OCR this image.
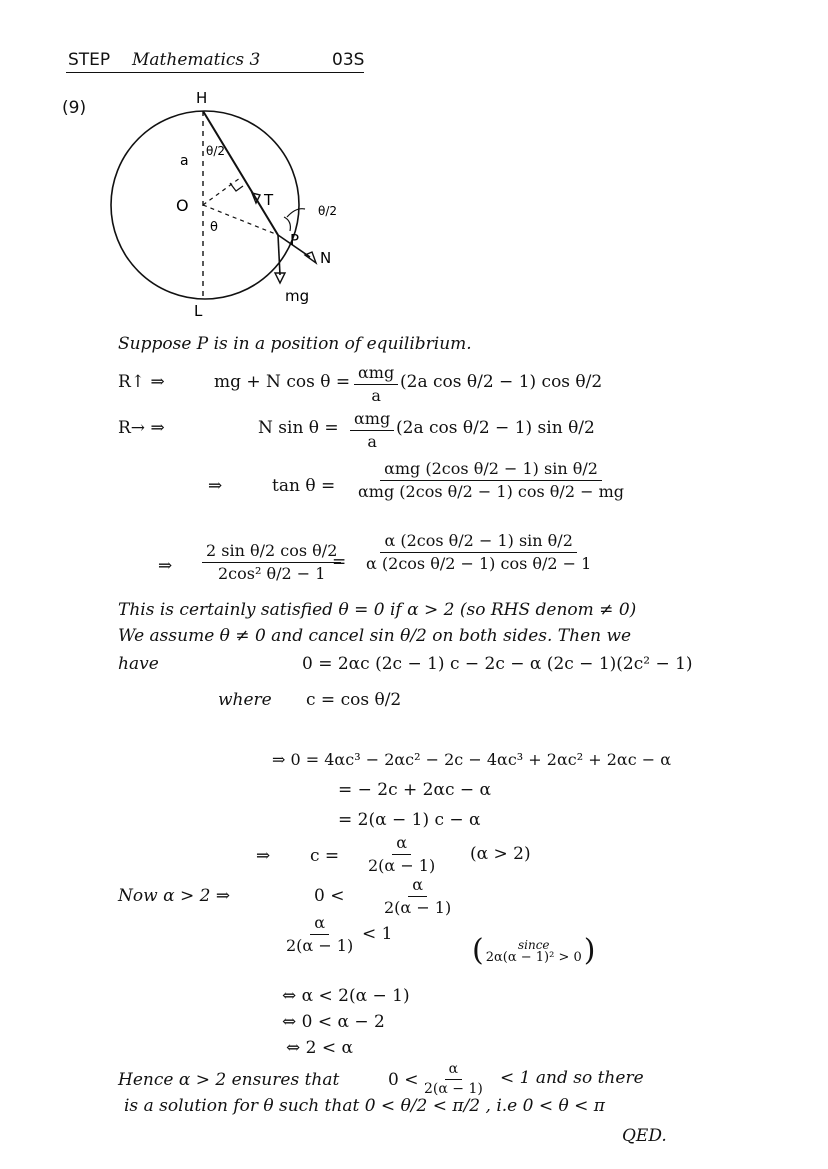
STEP Mathematics 3	03S
(9)	H
O
L
P
T
N
mg
a
θ
θ/2
θ/2
Suppose P is in a position of equilibrium.
R↑ ⇒	mg + N cos θ = αmg
a
(2a cos θ/2 − 1) cos θ/2
R→ ⇒	N sin θ = αmg
a
(2a cos θ/2 − 1) sin θ/2
⇒	tan θ =
αmg (2cos θ/2 − 1) sin θ/2
αmg (2cos θ/2 − 1) cos θ/2 − mg
⇒ $\frac{\text{2 sin θ/2 cos θ/2}}{\text{2cos² θ/2 − 1}}$
= $\frac{\text{α (2cos θ/2 − 1) sin θ/2}}{\text{α (2cos θ/2 − 1) cos θ/2 − 1}}$
This is certainly satisfied θ = 0 if α > 2 (so RHS denom ≠ 0)
We assume θ ≠ 0 and cancel sin θ/2 on both sides. Then we
have	0 = 2αc (2c − 1) c − 2c − α (2c − 1)(2c² − 1)
where c = cos θ/2
⇒ 0 = 4αc³ − 2αc² − 2c − 4αc³ + 2αc² + 2αc − α
= − 2c + 2αc − α
= 2(α − 1) c − α
⇒ $c = \frac{\alpha}{2(\alpha - 1)} (\alpha > 2)$
Now α > 2 ⇒	$0 < \frac{\alpha}{2(\alpha - 1)}$
$\frac{\alpha}{2(\alpha - 1)} < 1$	(	since
2α(α − 1)² > 0 )
⇔ α < 2(α − 1)
⇔ 0 < α − 2
⇔ 2 < α
Hence α > 2 ensures that	$0 < \frac{\alpha}{2(\alpha - 1)} < 1$ and so there
is a solution for θ such that 0 < θ/2 < π/2 , i.e 0 < θ < π
QED.
